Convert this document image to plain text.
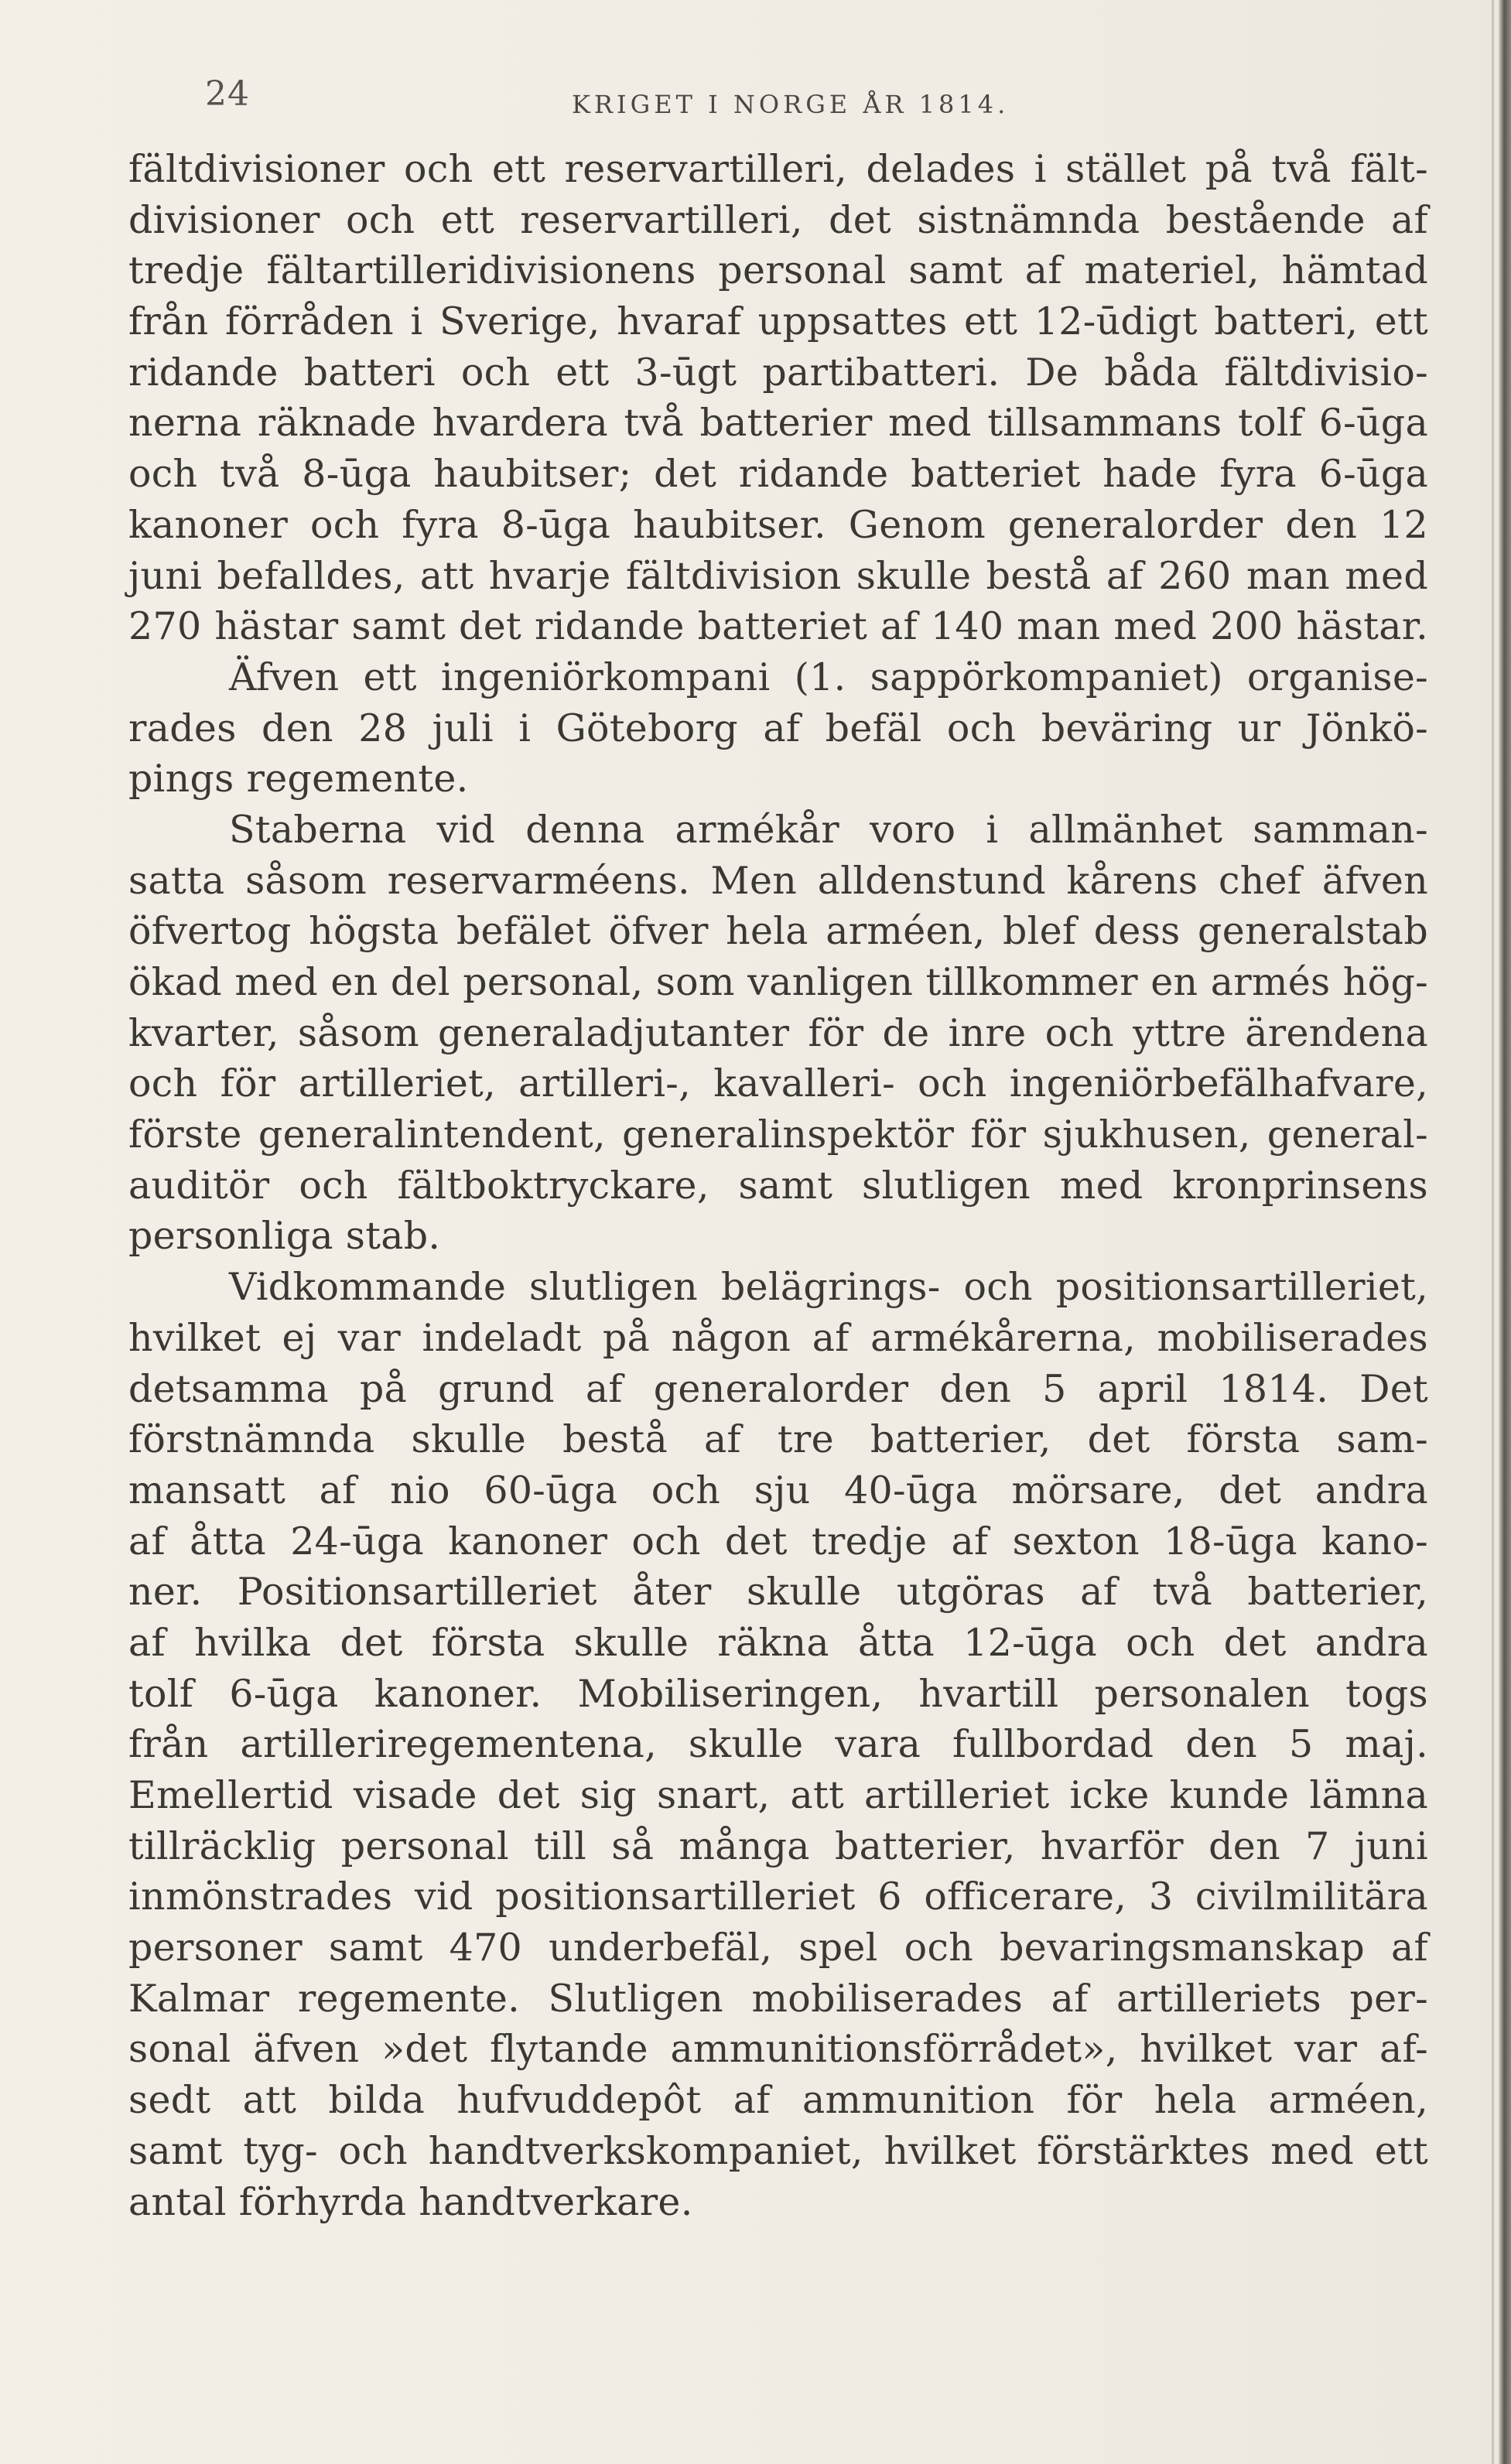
24	KRIGET I NORGE ÅR 1814.
fältdivisioner och ett reservartilleri, delades i stället på två fält-
divisioner och ett reservartilleri, det sistnämnda bestående af
tredje fältartilleridivisionens personal samt af materiel, hämtad
från förråden i Sverige, hvaraf uppsattes ett 12-ūdigt batteri, ett
ridande batteri och ett 3-ūgt partibatteri. De båda fältdivisio-
nerna räknade hvardera två batterier med tillsammans tolf 6-ūga
och två 8-ūga haubitser; det ridande batteriet hade fyra 6-ūga
kanoner och fyra 8-ūga haubitser. Genom generalorder den 12
juni befalldes, att hvarje fältdivision skulle bestå af 260 man med
270 hästar samt det ridande batteriet af 140 man med 200 hästar.
Äfven ett ingeniörkompani (1. sappörkompaniet) organise-
rades den 28 juli i Göteborg af befäl och beväring ur Jönkö-
pings regemente.
Staberna vid denna armékår voro i allmänhet samman-
satta såsom reservarméens. Men alldenstund kårens chef äfven
öfvertog högsta befälet öfver hela arméen, blef dess generalstab
ökad med en del personal, som vanligen tillkommer en armés hög-
kvarter, såsom generaladjutanter för de inre och yttre ärendena
och för artilleriet, artilleri-, kavalleri- och ingeniörbefälhafvare,
förste generalintendent, generalinspektör för sjukhusen, general-
auditör och fältboktryckare, samt slutligen med kronprinsens
personliga stab.
Vidkommande slutligen belägrings- och positionsartilleriet,
hvilket ej var indeladt på någon af armékårerna, mobiliserades
detsamma på grund af generalorder den 5 april 1814. Det
förstnämnda skulle bestå af tre batterier, det första sam-
mansatt af nio 60-ūga och sju 40-ūga mörsare, det andra
af åtta 24-ūga kanoner och det tredje af sexton 18-ūga kano-
ner. Positionsartilleriet åter skulle utgöras af två batterier,
af hvilka det första skulle räkna åtta 12-ūga och det andra
tolf 6-ūga kanoner. Mobiliseringen, hvartill personalen togs
från artilleriregementena, skulle vara fullbordad den 5 maj.
Emellertid visade det sig snart, att artilleriet icke kunde lämna
tillräcklig personal till så många batterier, hvarför den 7 juni
inmönstrades vid positionsartilleriet 6 officerare, 3 civilmilitära
personer samt 470 underbefäl, spel och bevaringsmanskap af
Kalmar regemente. Slutligen mobiliserades af artilleriets per-
sonal äfven »det flytande ammunitionsförrådet», hvilket var af-
sedt att bilda hufvuddepôt af ammunition för hela arméen,
samt tyg- och handtverkskompaniet, hvilket förstärktes med ett
antal förhyrda handtverkare.
